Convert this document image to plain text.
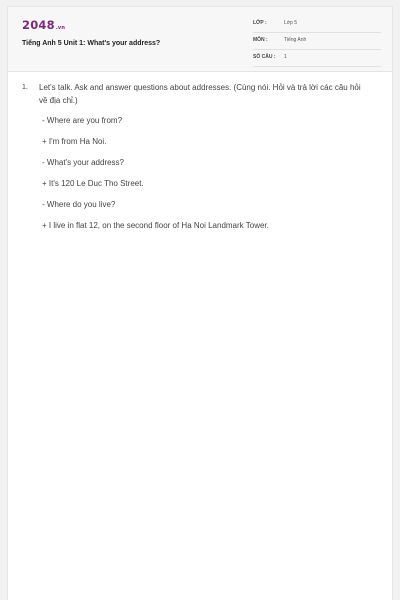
2048.vn
Tiếng Anh 5 Unit 1: What's your address?
LỚP :	Lớp 5
MÔN :	Tiếng Anh
SỐ CÂU : 1
1. Let's talk. Ask and answer questions about addresses. (Cùng nói. Hỏi và trả lời các câu hỏi về địa chỉ.)
- Where are you from?
+ I'm from Ha Noi.
- What's your address?
+ It's 120 Le Duc Tho Street.
- Where do you live?
+ I live in flat 12, on the second floor of Ha Noi Landmark Tower.
